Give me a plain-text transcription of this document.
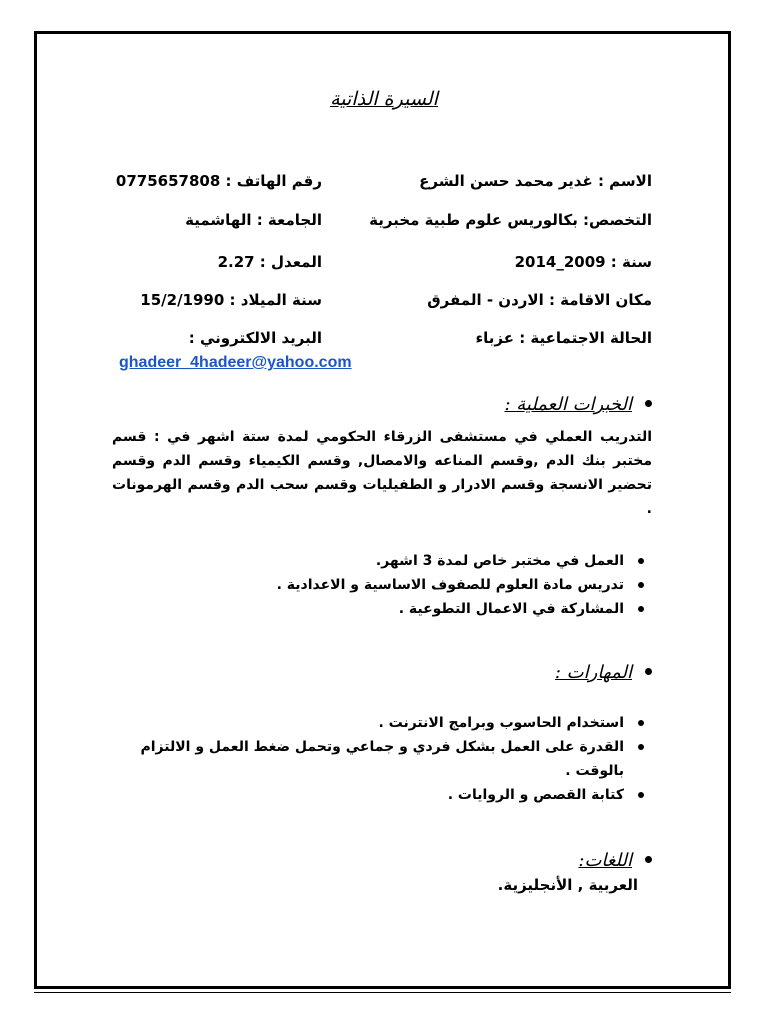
السيرة الذاتية
الاسم : غدير محمد حسن الشرع
رقم الهاتف : 0775657808
التخصص: بكالوريس علوم طبية مخبرية
الجامعة : الهاشمية
سنة : 2009_2014
المعدل : 2.27
مكان الاقامة : الاردن - المفرق
سنة الميلاد : 15/2/1990
الحالة الاجتماعية : عزباء
البريد الالكتروني :
ghadeer_4hadeer@yahoo.com
الخبرات العملية :
التدريب العملي في مستشفى الزرقاء الحكومي لمدة ستة اشهر في : قسم مختبر بنك الدم ,وقسم المناعه والامصال, وقسم الكيمياء وقسم الدم وقسم تحضير الانسجة وقسم الادرار و الطفيليات وقسم سحب الدم وقسم الهرمونات .
العمل في مختبر خاص لمدة 3 اشهر.
تدريس مادة العلوم للصفوف الاساسية و الاعدادية .
المشاركة في الاعمال التطوعية .
المهارات :
استخدام الحاسوب وبرامج الانترنت .
القدرة على العمل بشكل فردي و جماعي وتحمل ضغط العمل و الالتزام بالوقت .
كتابة القصص و الروايات .
اللغات:
العربية , الأنجليزية.
